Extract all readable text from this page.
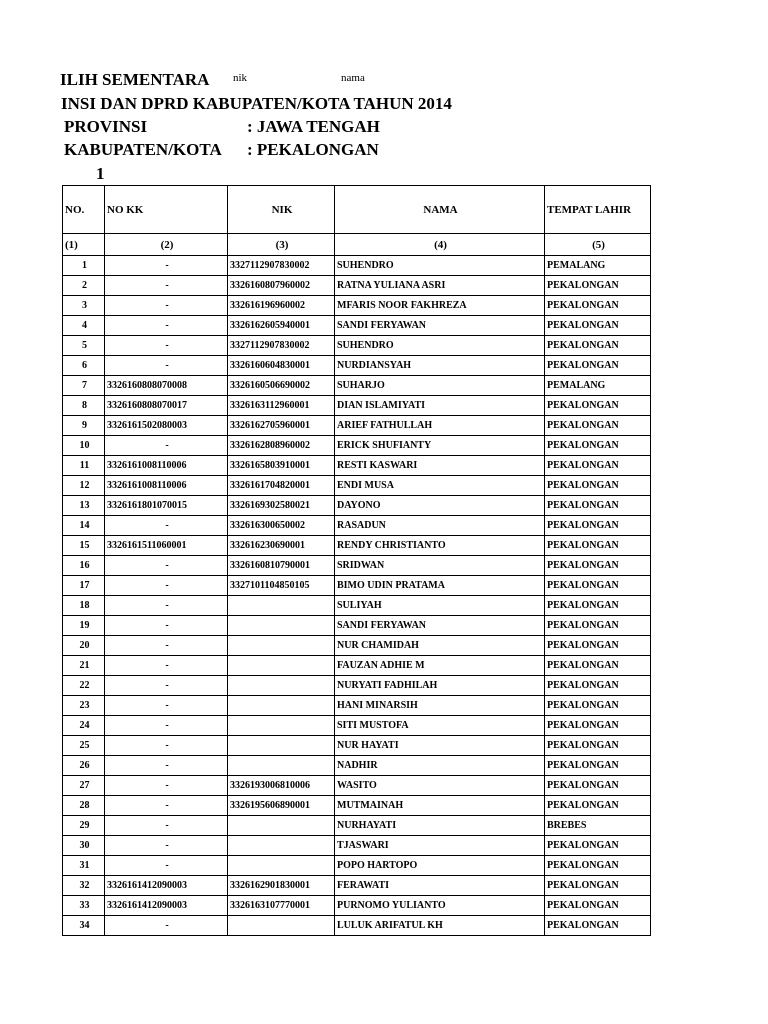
ILIH SEMENTARA nik	nama
INSI DAN DPRD KABUPATEN/KOTA TAHUN 2014
PROVINSI	: JAWA TENGAH
KABUPATEN/KOTA : PEKALONGAN
1
NO.	NO KK	NIK	NAMA	TEMPAT LAHIR
(1)	(2)	(3)	(4)	(5)
1	-	3327112907830002	SUHENDRO	PEMALANG
2	-	3326160807960002	RATNA YULIANA ASRI	PEKALONGAN
3	-	332616196960002	MFARIS NOOR FAKHREZA	PEKALONGAN
4	-	3326162605940001	SANDI FERYAWAN	PEKALONGAN
5	-	3327112907830002	SUHENDRO	PEKALONGAN
6	-	3326160604830001	NURDIANSYAH	PEKALONGAN
7	3326160808070008	3326160506690002	SUHARJO	PEMALANG
8	3326160808070017	3326163112960001	DIAN ISLAMIYATI	PEKALONGAN
9	3326161502080003	3326162705960001	ARIEF FATHULLAH	PEKALONGAN
10	-	3326162808960002	ERICK SHUFIANTY	PEKALONGAN
11	3326161008110006	3326165803910001	RESTI KASWARI	PEKALONGAN
12	3326161008110006	3326161704820001	ENDI MUSA	PEKALONGAN
13	3326161801070015	3326169302580021	DAYONO	PEKALONGAN
14	-	332616300650002	RASADUN	PEKALONGAN
15	3326161511060001	332616230690001	RENDY CHRISTIANTO	PEKALONGAN
16	-	3326160810790001	SRIDWAN	PEKALONGAN
17	-	3327101104850105	BIMO UDIN PRATAMA	PEKALONGAN
18	-		SULIYAH	PEKALONGAN
19	-		SANDI FERYAWAN	PEKALONGAN
20	-		NUR CHAMIDAH	PEKALONGAN
21	-		FAUZAN ADHIE M	PEKALONGAN
22	-		NURYATI FADHILAH	PEKALONGAN
23	-		HANI MINARSIH	PEKALONGAN
24	-		SITI MUSTOFA	PEKALONGAN
25	-		NUR HAYATI	PEKALONGAN
26	-		NADHIR	PEKALONGAN
27	-	3326193006810006	WASITO	PEKALONGAN
28	-	3326195606890001	MUTMAINAH	PEKALONGAN
29	-		NURHAYATI	BREBES
30	-		TJASWARI	PEKALONGAN
31	-		POPO HARTOPO	PEKALONGAN
32	3326161412090003	3326162901830001	FERAWATI	PEKALONGAN
33	3326161412090003	3326163107770001	PURNOMO YULIANTO	PEKALONGAN
34	-		LULUK ARIFATUL KH	PEKALONGAN
